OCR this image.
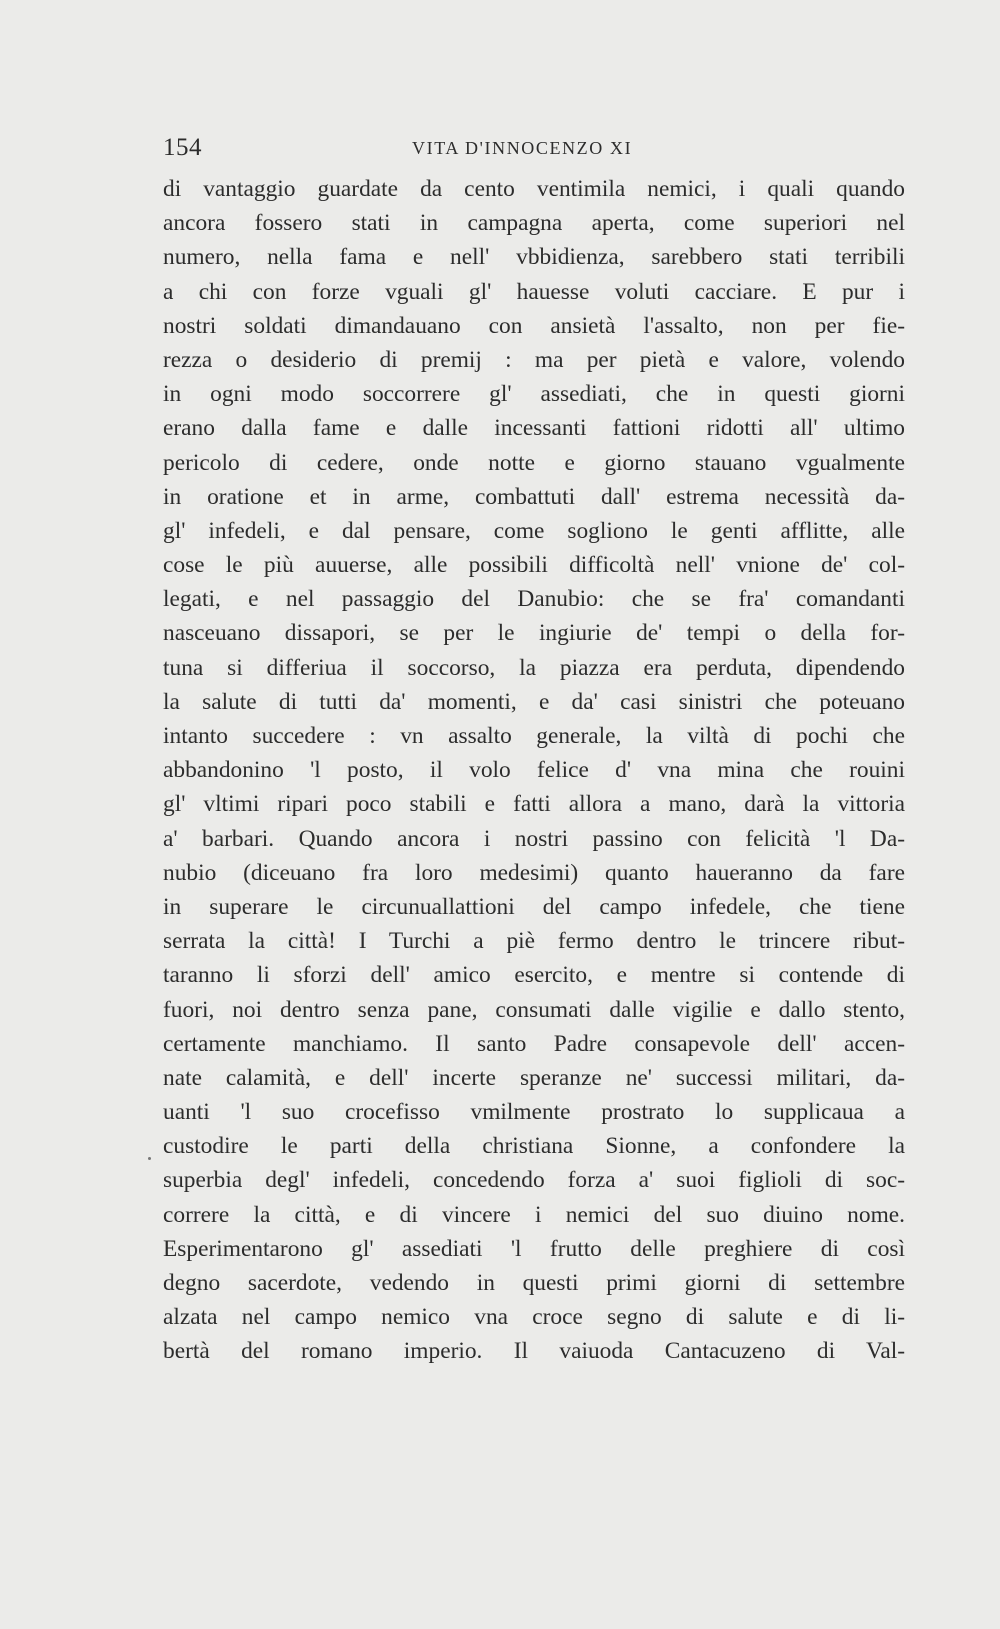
154	VITA D'INNOCENZO XI
di vantaggio guardate da cento ventimila nemici, i quali quando
ancora fossero stati in campagna aperta, come superiori nel
numero, nella fama e nell' vbbidienza, sarebbero stati terribili
a chi con forze vguali gl' hauesse voluti cacciare. E pur i
nostri soldati dimandauano con ansietà l'assalto, non per fie-
rezza o desiderio di premij : ma per pietà e valore, volendo
in ogni modo soccorrere gl' assediati, che in questi giorni
erano dalla fame e dalle incessanti fattioni ridotti all' ultimo
pericolo di cedere, onde notte e giorno stauano vgualmente
in oratione et in arme, combattuti dall' estrema necessità da-
gl' infedeli, e dal pensare, come sogliono le genti afflitte, alle
cose le più auuerse, alle possibili difficoltà nell' vnione de' col-
legati, e nel passaggio del Danubio: che se fra' comandanti
nasceuano dissapori, se per le ingiurie de' tempi o della for-
tuna si differiua il soccorso, la piazza era perduta, dipendendo
la salute di tutti da' momenti, e da' casi sinistri che poteuano
intanto succedere : vn assalto generale, la viltà di pochi che
abbandonino 'l posto, il volo felice d' vna mina che rouini
gl' vltimi ripari poco stabili e fatti allora a mano, darà la vittoria
a' barbari. Quando ancora i nostri passino con felicità 'l Da-
nubio (diceuano fra loro medesimi) quanto haueranno da fare
in superare le circunuallattioni del campo infedele, che tiene
serrata la città! I Turchi a piè fermo dentro le trincere ribut-
taranno li sforzi dell' amico esercito, e mentre si contende di
fuori, noi dentro senza pane, consumati dalle vigilie e dallo stento,
certamente manchiamo. Il santo Padre consapevole dell' accen-
nate calamità, e dell' incerte speranze ne' successi militari, da-
uanti 'l suo crocefisso vmilmente prostrato lo supplicaua a
custodire le parti della christiana Sionne, a confondere la
superbia degl' infedeli, concedendo forza a' suoi figlioli di soc-
correre la città, e di vincere i nemici del suo diuino nome.
Esperimentarono gl' assediati 'l frutto delle preghiere di così
degno sacerdote, vedendo in questi primi giorni di settembre
alzata nel campo nemico vna croce segno di salute e di li-
bertà del romano imperio. Il vaiuoda Cantacuzeno di Val-
